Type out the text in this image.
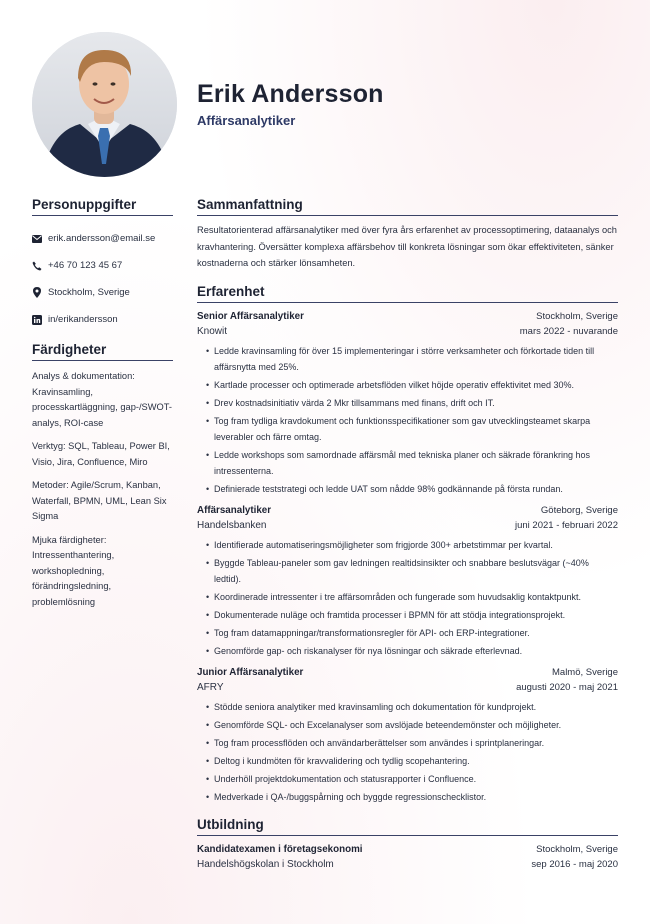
Erik Andersson
Affärsanalytiker
Personuppgifter
erik.andersson@email.se
+46 70 123 45 67
Stockholm, Sverige
in/erikandersson
Färdigheter
Analys & dokumentation: Kravinsamling, processkartläggning, gap-/SWOT-analys, ROI-case
Verktyg: SQL, Tableau, Power BI, Visio, Jira, Confluence, Miro
Metoder: Agile/Scrum, Kanban, Waterfall, BPMN, UML, Lean Six Sigma
Mjuka färdigheter: Intressenthantering, workshopledning, förändringsledning, problemlösning
Sammanfattning

Resultatorienterad affärsanalytiker med över fyra års erfarenhet av processoptimering, dataanalys och kravhantering. Översätter komplexa affärsbehov till konkreta lösningar som ökar effektiviteten, sänker kostnaderna och stärker lönsamheten.

Erfarenhet
Senior Affärsanalytiker	Stockholm, Sverige
Knowit	mars 2022 - nuvarande
• Ledde kravinsamling för över 15 implementeringar i större verksamheter och förkortade tiden till affärsnytta med 25%.
• Kartlade processer och optimerade arbetsflöden vilket höjde operativ effektivitet med 30%.
• Drev kostnadsinitiativ värda 2 Mkr tillsammans med finans, drift och IT.
• Tog fram tydliga kravdokument och funktionsspecifikationer som gav utvecklingsteamet skarpa leverabler och färre omtag.
• Ledde workshops som samordnade affärsmål med tekniska planer och säkrade förankring hos intressenterna.
• Definierade teststrategi och ledde UAT som nådde 98% godkännande på första rundan.
Affärsanalytiker	Göteborg, Sverige
Handelsbanken	juni 2021 - februari 2022
• Identifierade automatiseringsmöjligheter som frigjorde 300+ arbetstimmar per kvartal.
• Byggde Tableau-paneler som gav ledningen realtidsinsikter och snabbare beslutsvägar (~40% ledtid).
• Koordinerade intressenter i tre affärsområden och fungerade som huvudsaklig kontaktpunkt.
• Dokumenterade nuläge och framtida processer i BPMN för att stödja integrationsprojekt.
• Tog fram datamappningar/transformationsregler för API- och ERP-integrationer.
• Genomförde gap- och riskanalyser för nya lösningar och säkrade efterlevnad.
Junior Affärsanalytiker	Malmö, Sverige
AFRY	augusti 2020 - maj 2021
• Stödde seniora analytiker med kravinsamling och dokumentation för kundprojekt.
• Genomförde SQL- och Excelanalyser som avslöjade beteendemönster och möjligheter.
• Tog fram processflöden och användarberättelser som användes i sprintplaneringar.
• Deltog i kundmöten för kravvalidering och tydlig scopehantering.
• Underhöll projektdokumentation och statusrapporter i Confluence.
• Medverkade i QA-/buggspårning och byggde regressionschecklistor.
Utbildning
Kandidatexamen i företagsekonomi	Stockholm, Sverige
Handelshögskolan i Stockholm	sep 2016 - maj 2020
